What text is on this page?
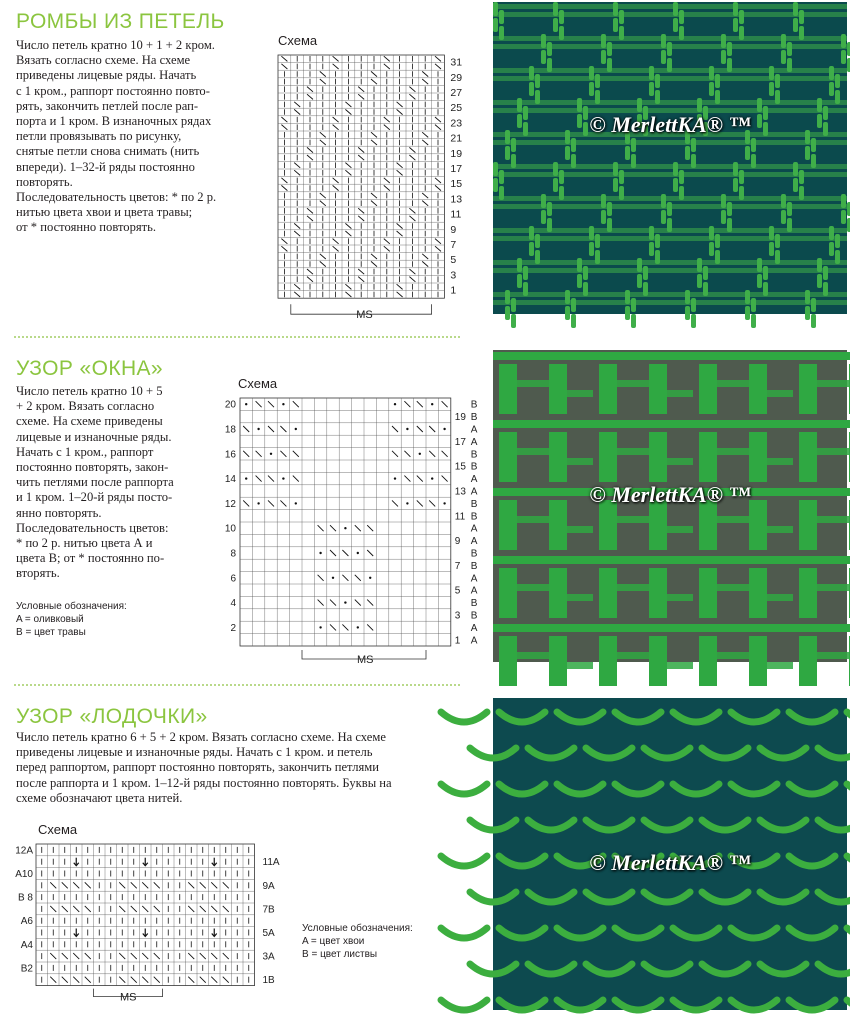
РОМБЫ ИЗ ПЕТЕЛЬ
Число петель кратно 10 + 1 + 2 кром.
Вязать согласно схеме. На схеме
приведены лицевые ряды. Начать
с 1 кром., раппорт постоянно повто-
рять, закончить петлей после рап-
порта и 1 кром. В изнаночных рядах
петли провязывать по рисунку,
снятые петли снова снимать (нить
впереди). 1–32-й ряды постоянно
повторять.
Последовательность цветов: * по 2 р.
нитью цвета хвои и цвета травы;
от * постоянно повторять.
Схема
31
29
27
25
23
21
19
17
15
13
11
9
7
5
3
1
MS
© MerlettKA® ™
УЗОР «ОКНА»
Число петель кратно 10 + 5
+ 2 кром. Вязать согласно
схеме. На схеме приведены
лицевые и изнаночные ряды.
Начать с 1 кром., раппорт
постоянно повторять, закон-
чить петлями после раппорта
и 1 кром. 1–20-й ряды посто-
янно повторять.
Последовательность цветов:
* по 2 р. нитью цвета А и
цвета В; от * постоянно по-
вторять.
Условные обозначения:
A = оливковый
B = цвет травы
Схема
20
18
16
14
12
10
8
6
4
2
19
17
15
13
11
9
7
5
3
1
B
B
A
A
B
B
A
A
B
B
A
A
B
B
A
A
B
B
A
A
MS
© MerlettKA® ™
УЗОР «ЛОДОЧКИ»
Число петель кратно 6 + 5 + 2 кром. Вязать согласно схеме. На схеме
приведены лицевые и изнаночные ряды. Начать с 1 кром. и петель
перед раппортом, раппорт постоянно повторять, закончить петлями
после раппорта и 1 кром. 1–12-й ряды постоянно повторять. Буквы на
схеме обозначают цвета нитей.
Схема
12A
A10
B 8
A6
A4
B2
11A
9A
7B
5A
3A
1B
MS
Условные обозначения:
A = цвет хвои
B = цвет листвы
© MerlettKA® ™
